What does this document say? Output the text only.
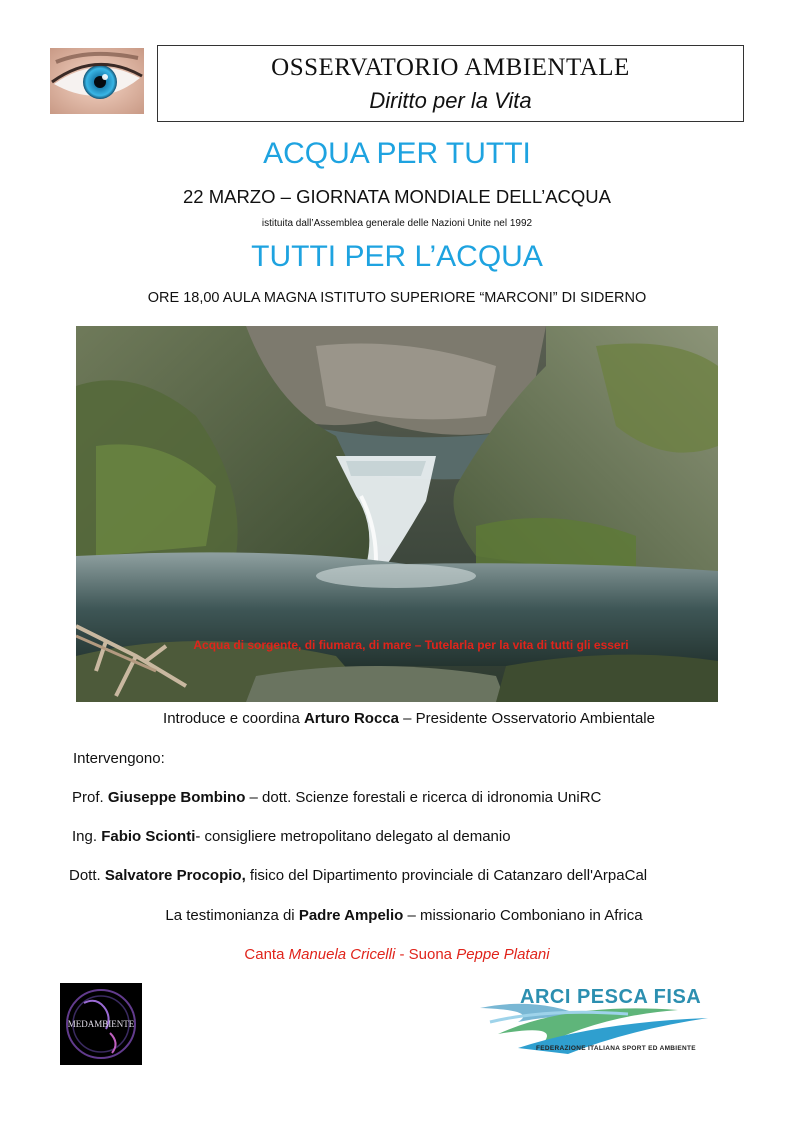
OSSERVATORIO AMBIENTALE
Diritto per la Vita
ACQUA PER TUTTI
22 MARZO – GIORNATA MONDIALE DELL’ACQUA
istituita dall’Assemblea generale delle Nazioni Unite nel 1992
TUTTI PER L’ACQUA
ORE 18,00 AULA MAGNA ISTITUTO SUPERIORE “MARCONI” DI SIDERNO
Acqua di sorgente, di fiumara, di mare – Tutelarla per la vita di tutti gli esseri
Introduce e coordina Arturo Rocca – Presidente Osservatorio Ambientale
Intervengono:
Prof. Giuseppe Bombino – dott. Scienze forestali e ricerca di idronomia UniRC
Ing. Fabio Scionti- consigliere metropolitano delegato al demanio
Dott. Salvatore Procopio, fisico del Dipartimento provinciale di Catanzaro dell'ArpaCal
La testimonianza di Padre Ampelio – missionario Comboniano in Africa
Canta Manuela Cricelli - Suona Peppe Platani
MEDAMBIENTE
ARCI PESCA FISA
FEDERAZIONE ITALIANA SPORT ED AMBIENTE
